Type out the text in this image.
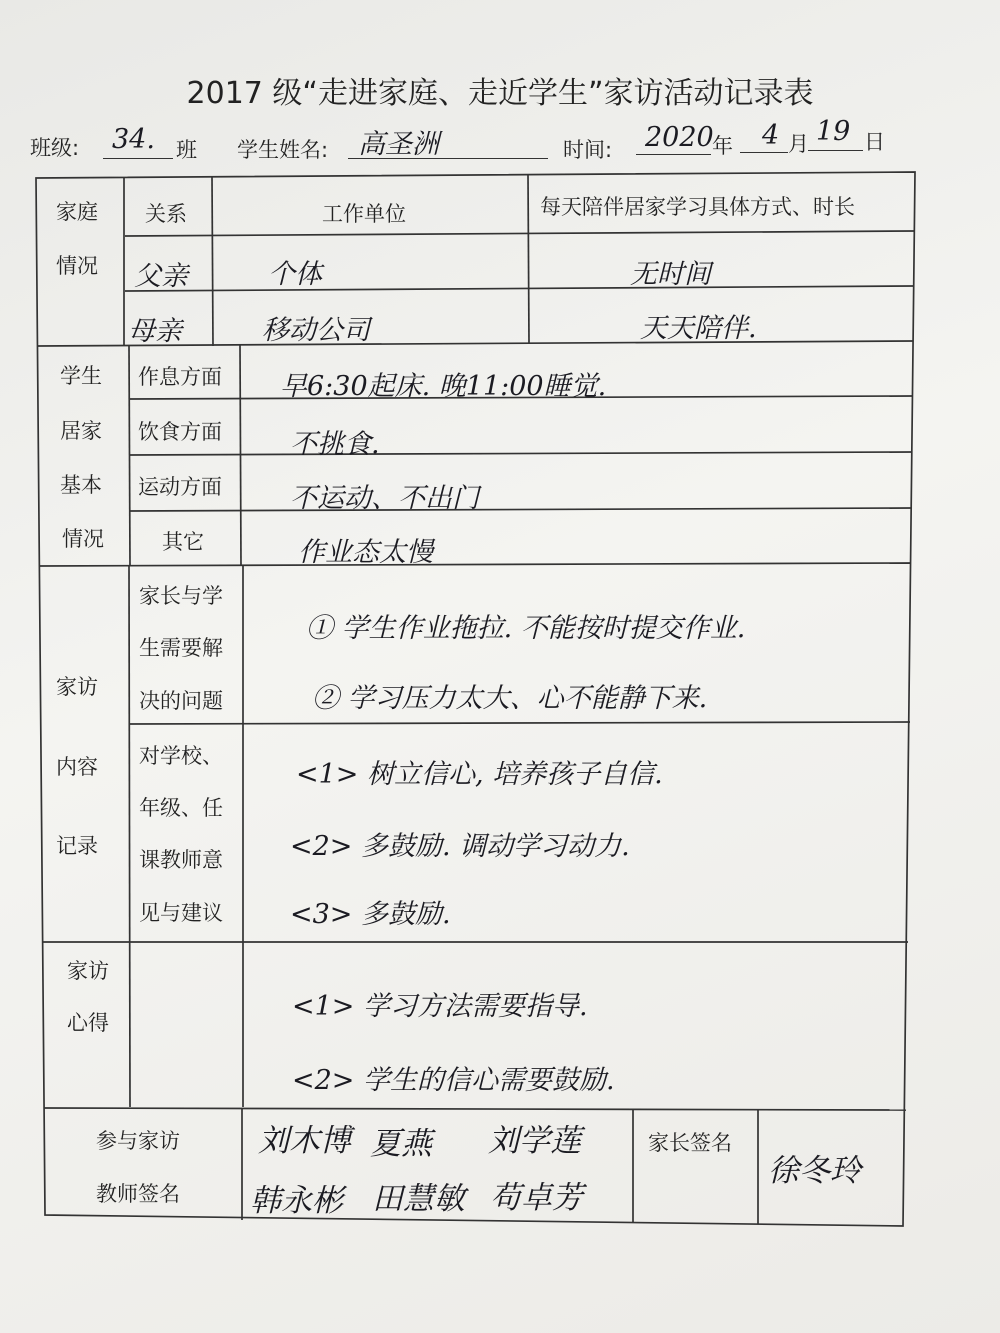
2017 级“走进家庭、走近学生”家访活动记录表
班级: 34. 班 学生姓名: 高圣洲	时间: 2020
年 4 月 19 日
家庭
情况
关系	工作单位	每天陪伴居家学习具体方式、时长
父亲	个体	无时间
母亲	移动公司	天天陪伴.
学生
居家
基本
情况
作息方面 早6:30起床. 晚11:00睡觉.
饮食方面	不挑食.
运动方面	不运动、不出门
其它	作业态太慢
家访
内容
记录
家长与学
生需要解
决的问题
① 学生作业拖拉. 不能按时提交作业.
② 学习压力太大、心不能静下来.
对学校、
年级、任
课教师意
见与建议
<1> 树立信心, 培养孩子自信.
<2> 多鼓励. 调动学习动力.
<3> 多鼓励.
家访
心得
<1> 学习方法需要指导.
<2> 学生的信心需要鼓励.
参与家访
教师签名
刘木博 夏燕 刘学莲
韩永彬 田慧敏 苟卓芳
家长签名
徐冬玲
